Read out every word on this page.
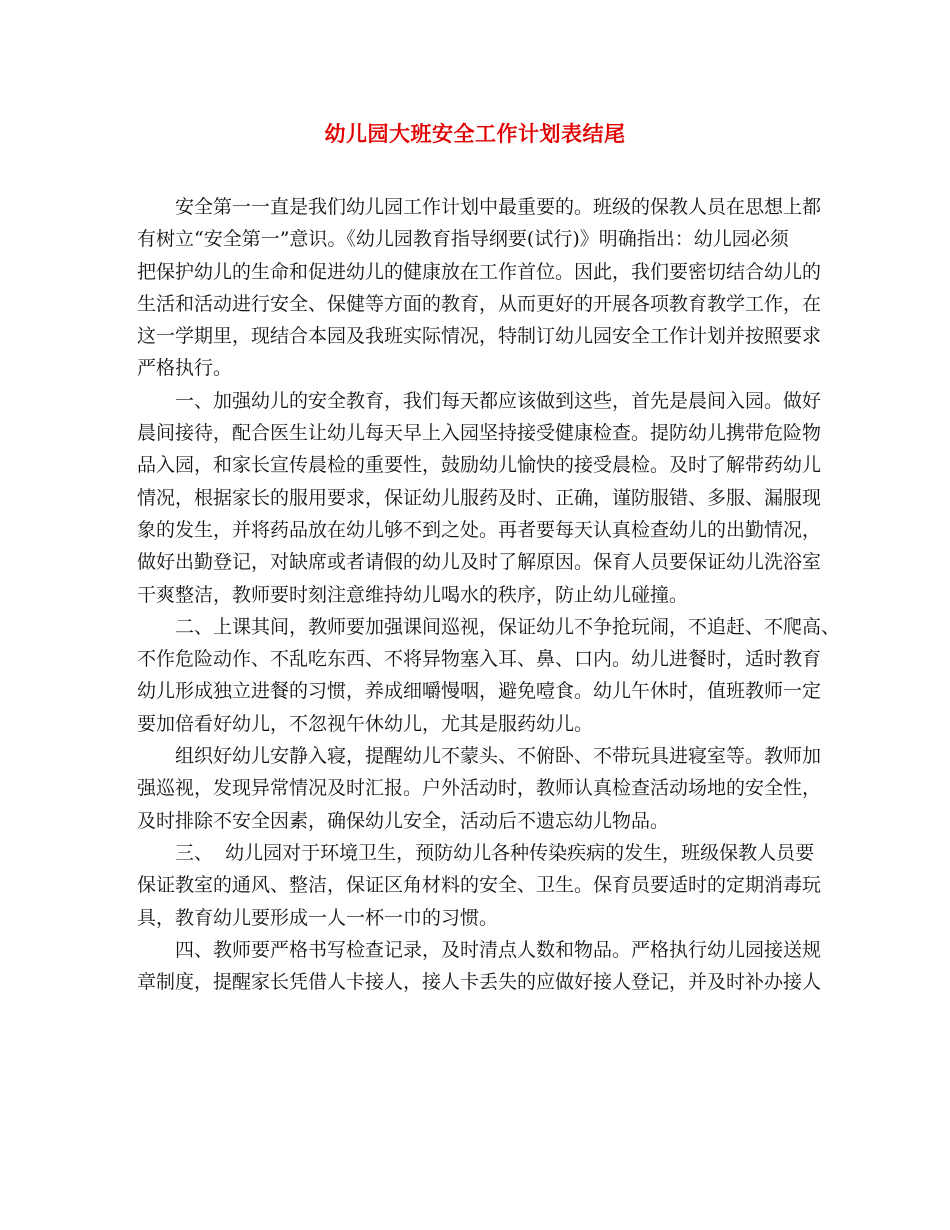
幼儿园大班安全工作计划表结尾

安全第一一直是我们幼儿园工作计划中最重要的。班级的保教人员在思想上都
有树立“安全第一”意识。《幼儿园教育指导纲要(试行)》明确指出：幼儿园必须
把保护幼儿的生命和促进幼儿的健康放在工作首位。因此，我们要密切结合幼儿的
生活和活动进行安全、保健等方面的教育，从而更好的开展各项教育教学工作，在
这一学期里，现结合本园及我班实际情况，特制订幼儿园安全工作计划并按照要求
严格执行。

一、加强幼儿的安全教育，我们每天都应该做到这些，首先是晨间入园。做好
晨间接待，配合医生让幼儿每天早上入园坚持接受健康检查。提防幼儿携带危险物
品入园，和家长宣传晨检的重要性，鼓励幼儿愉快的接受晨检。及时了解带药幼儿
情况，根据家长的服用要求，保证幼儿服药及时、正确，谨防服错、多服、漏服现
象的发生，并将药品放在幼儿够不到之处。再者要每天认真检查幼儿的出勤情况，
做好出勤登记，对缺席或者请假的幼儿及时了解原因。保育人员要保证幼儿洗浴室
干爽整洁，教师要时刻注意维持幼儿喝水的秩序，防止幼儿碰撞。

二、上课其间，教师要加强课间巡视，保证幼儿不争抢玩闹，不追赶、不爬高、
不作危险动作、不乱吃东西、不将异物塞入耳、鼻、口内。幼儿进餐时，适时教育
幼儿形成独立进餐的习惯，养成细嚼慢咽，避免噎食。幼儿午休时，值班教师一定
要加倍看好幼儿，不忽视午休幼儿，尤其是服药幼儿。

组织好幼儿安静入寝，提醒幼儿不蒙头、不俯卧、不带玩具进寝室等。教师加
强巡视，发现异常情况及时汇报。户外活动时，教师认真检查活动场地的安全性，
及时排除不安全因素，确保幼儿安全，活动后不遗忘幼儿物品。

三、  幼儿园对于环境卫生，预防幼儿各种传染疾病的发生，班级保教人员要
保证教室的通风、整洁，保证区角材料的安全、卫生。保育员要适时的定期消毒玩
具，教育幼儿要形成一人一杯一巾的习惯。

四、教师要严格书写检查记录，及时清点人数和物品。严格执行幼儿园接送规
章制度，提醒家长凭借人卡接人，接人卡丢失的应做好接人登记，并及时补办接人
